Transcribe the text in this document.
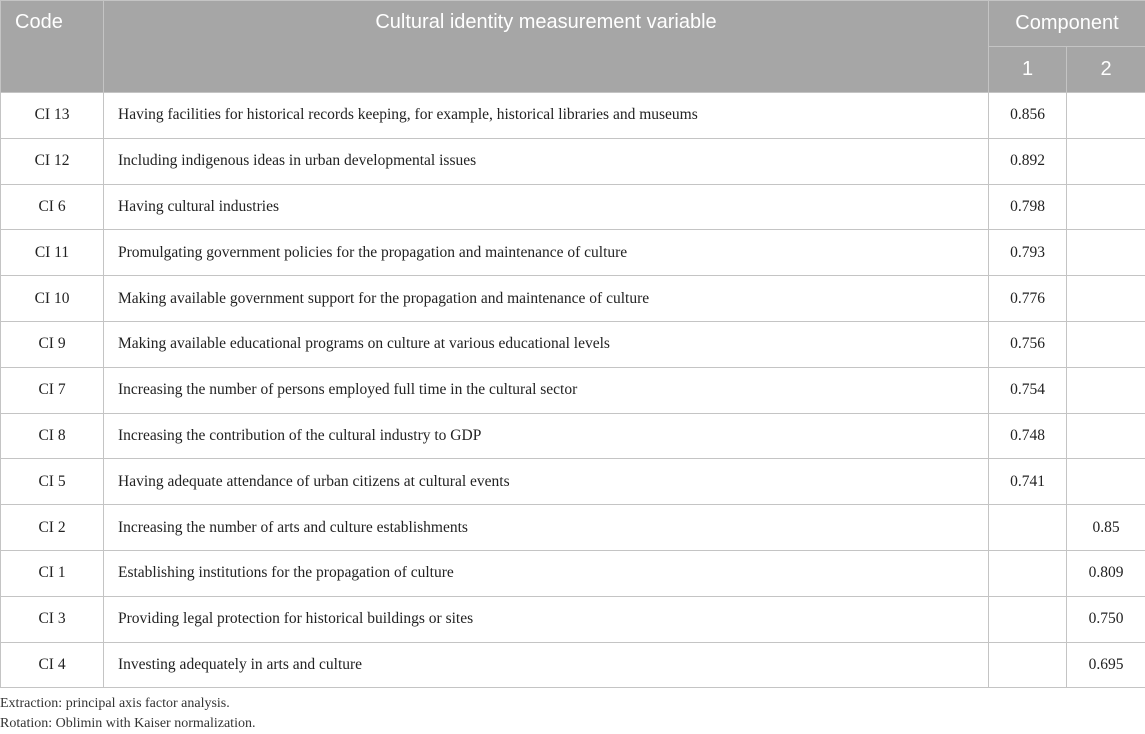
Code	Cultural identity measurement variable	Component	
		1	2
CI 13	Having facilities for historical records keeping, for example, historical libraries and museums	0.856	
CI 12	Including indigenous ideas in urban developmental issues	0.892	
CI 6	Having cultural industries	0.798	
CI 11	Promulgating government policies for the propagation and maintenance of culture	0.793	
CI 10	Making available government support for the propagation and maintenance of culture	0.776	
CI 9	Making available educational programs on culture at various educational levels	0.756	
CI 7	Increasing the number of persons employed full time in the cultural sector	0.754	
CI 8	Increasing the contribution of the cultural industry to GDP	0.748	
CI 5	Having adequate attendance of urban citizens at cultural events	0.741	
CI 2	Increasing the number of arts and culture establishments		0.85
CI 1	Establishing institutions for the propagation of culture		0.809
CI 3	Providing legal protection for historical buildings or sites		0.750
CI 4	Investing adequately in arts and culture		0.695

Extraction: principal axis factor analysis.

Rotation: Oblimin with Kaiser normalization.
